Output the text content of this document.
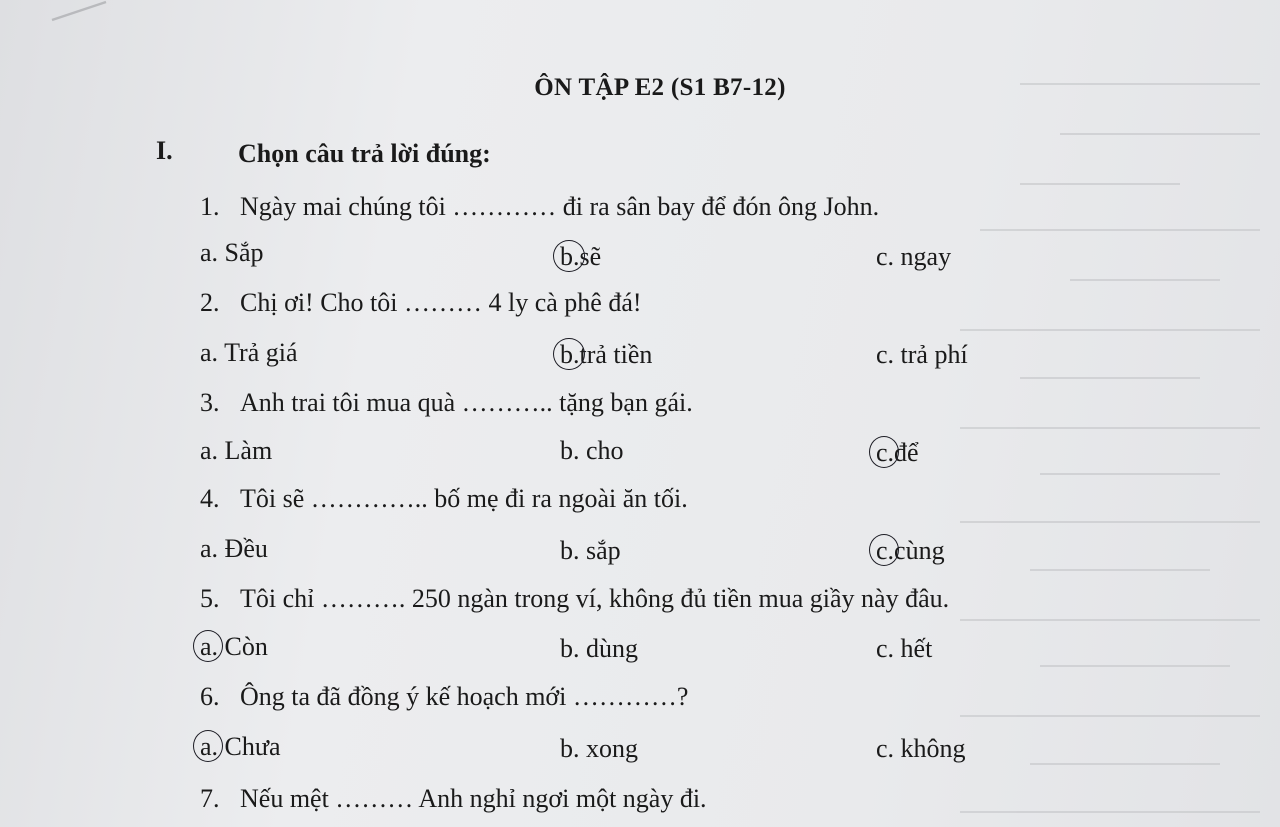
ÔN TẬP E2 (S1 B7-12)
I.	Chọn câu trả lời đúng:
1. Ngày mai chúng tôi ………… đi ra sân bay để đón ông John.
a. Sắp	b.sẽ	c. ngay
2. Chị ơi! Cho tôi ……… 4 ly cà phê đá!
a. Trả giá	b.trả tiền	c. trả phí
3. Anh trai tôi mua quà ……….. tặng bạn gái.
a. Làm	b. cho	c.để
4. Tôi sẽ ………….. bố mẹ đi ra ngoài ăn tối.
a. Đều	b. sắp	c.cùng
5. Tôi chỉ ………. 250 ngàn trong ví, không đủ tiền mua giầy này đâu.
a. Còn	b. dùng	c. hết
6. Ông ta đã đồng ý kế hoạch mới …………?
a. Chưa	b. xong	c. không
7. Nếu mệt ……… Anh nghỉ ngơi một ngày đi.
